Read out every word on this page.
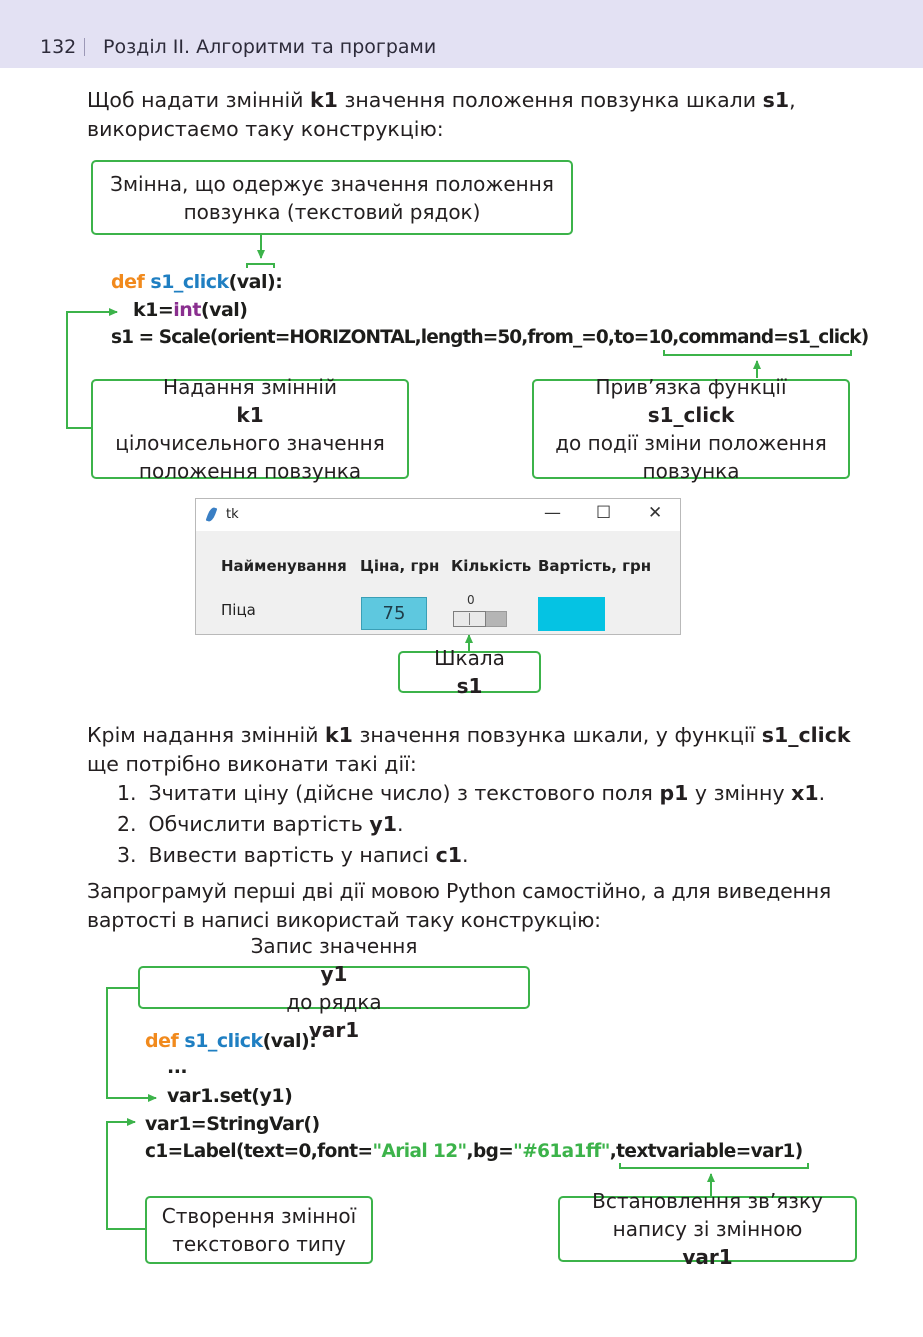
132 Розділ ІІ. Алгоритми та програми
Щоб надати змінній k1 значення положення повзунка шкали s1,
використаємо таку конструкцію:
Змінна, що одержує значення положення
повзунка (текстовий рядок)
def s1_click(val):
k1=int(val)
s1 = Scale(orient=HORIZONTAL,length=50,from_=0,to=10,command=s1_click)
Надання змінній
k1
цілочисельного значення
положення повзунка
Прив’язка функції
s1_click
до події зміни положення
повзунка
tk	— ☐ ✕
Найменування Ціна, грн Кількість Вартість, грн
Піца	75
0
Шкала
s1
Крім надання змінній k1 значення повзунка шкали, у функції s1_click
ще потрібно виконати такі дії:
1. Зчитати ціну (дійсне число) з текстового поля p1 у змінну x1.
2. Обчислити вартість y1.
3. Вивести вартість у написі c1.
Запрограмуй перші дві дії мовою Python самостійно, а для виведення
вартості в написі використай таку конструкцію:
Запис значення
y1
до рядка
var1
def s1_click(val):
...
var1.set(y1)
var1=StringVar()
c1=Label(text=0,font="Arial 12",bg="#61a1ff",textvariable=var1)
Створення змінної
текстового типу
Встановлення зв’язку
напису зі змінною
var1
